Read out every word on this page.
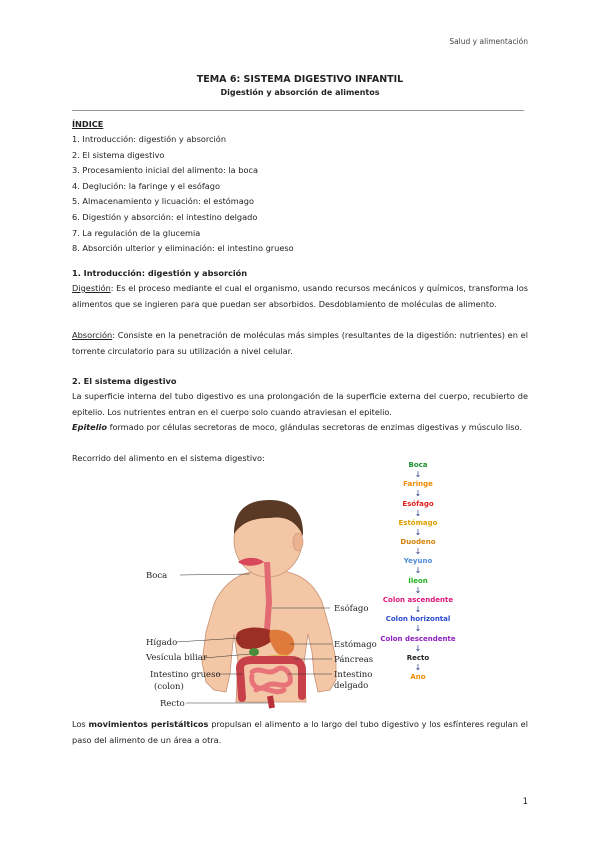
Salud y alimentación
TEMA 6: SISTEMA DIGESTIVO INFANTIL
Digestión y absorción de alimentos
ÍNDICE
1. Introducción: digestión y absorción
2. El sistema digestivo
3. Procesamiento inicial del alimento: la boca
4. Deglución: la faringe y el esófago
5. Almacenamiento y licuación: el estómago
6. Digestión y absorción: el intestino delgado
7. La regulación de la glucemia
8. Absorción ulterior y eliminación: el intestino grueso
1. Introducción: digestión y absorción
Digestión: Es el proceso mediante el cual el organismo, usando recursos mecánicos y químicos, transforma los alimentos que se ingieren para que puedan ser absorbidos. Desdoblamiento de moléculas de alimento.
Absorción: Consiste en la penetración de moléculas más simples (resultantes de la digestión: nutrientes) en el torrente circulatorio para su utilización a nivel celular.
2. El sistema digestivo
La superficie interna del tubo digestivo es una prolongación de la superficie externa del cuerpo, recubierto de epitelio. Los nutrientes entran en el cuerpo solo cuando atraviesan el epitelio.
Epitelio formado por células secretoras de moco, glándulas secretoras de enzimas digestivas y músculo liso.
Recorrido del alimento en el sistema digestivo:
Boca
Esófago
Hígado
Vesícula biliar
Estómago
Páncreas
Intestino grueso
(colon)
Intestino
delgado
Recto
Boca
↓
Faringe
↓
Esófago
↓
Estómago
↓
Duodeno
↓
Yeyuno
↓
Íleon
↓
Colon ascendente
↓
Colon horizontal
↓
Colon descendente
↓
Recto
↓
Ano
Los movimientos peristálticos propulsan el alimento a lo largo del tubo digestivo y los esfínteres regulan el paso del alimento de un área a otra.
1
